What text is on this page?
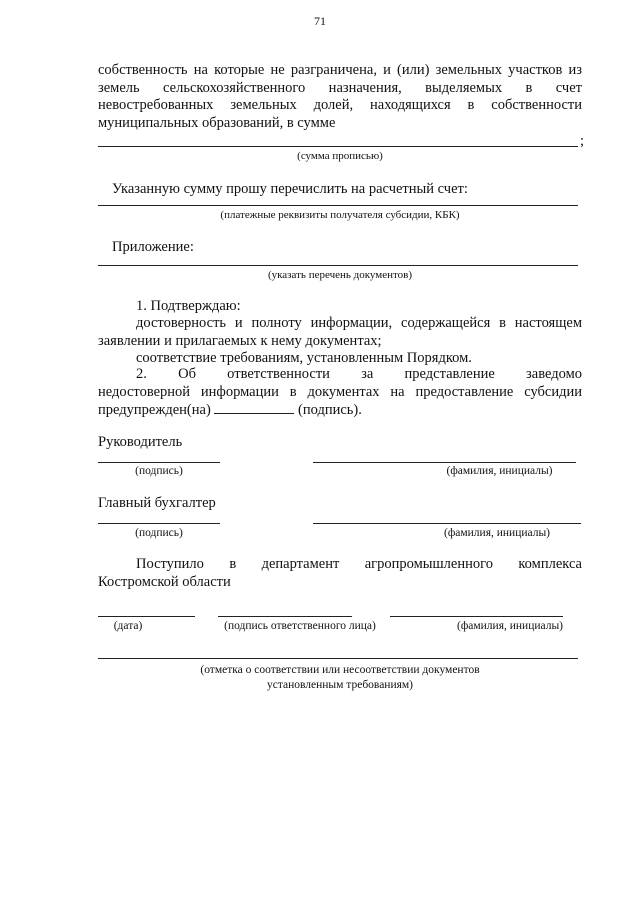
71
собственность на которые не разграничена, и (или) земельных участков из
земель сельскохозяйственного назначения, выделяемых в счет
невостребованных земельных долей, находящихся в собственности
муниципальных образований, в сумме
;
(сумма прописью)
Указанную сумму прошу перечислить на расчетный счет:
(платежные реквизиты получателя субсидии, КБК)
Приложение:
(указать перечень документов)
1. Подтверждаю:
достоверность и полноту информации, содержащейся в настоящем
заявлении и прилагаемых к нему документах;
соответствие требованиям, установленным Порядком.
2. Об ответственности за представление заведомо
недостоверной информации в документах на предоставление субсидии
предупрежден(на)	(подпись).
Руководитель
(подпись)	(фамилия, инициалы)
Главный бухгалтер
(подпись)	(фамилия, инициалы)
Поступило в департамент агропромышленного комплекса
Костромской области
(дата)	(подпись ответственного лица)	(фамилия, инициалы)
(отметка о соответствии или несоответствии документов
установленным требованиям)
